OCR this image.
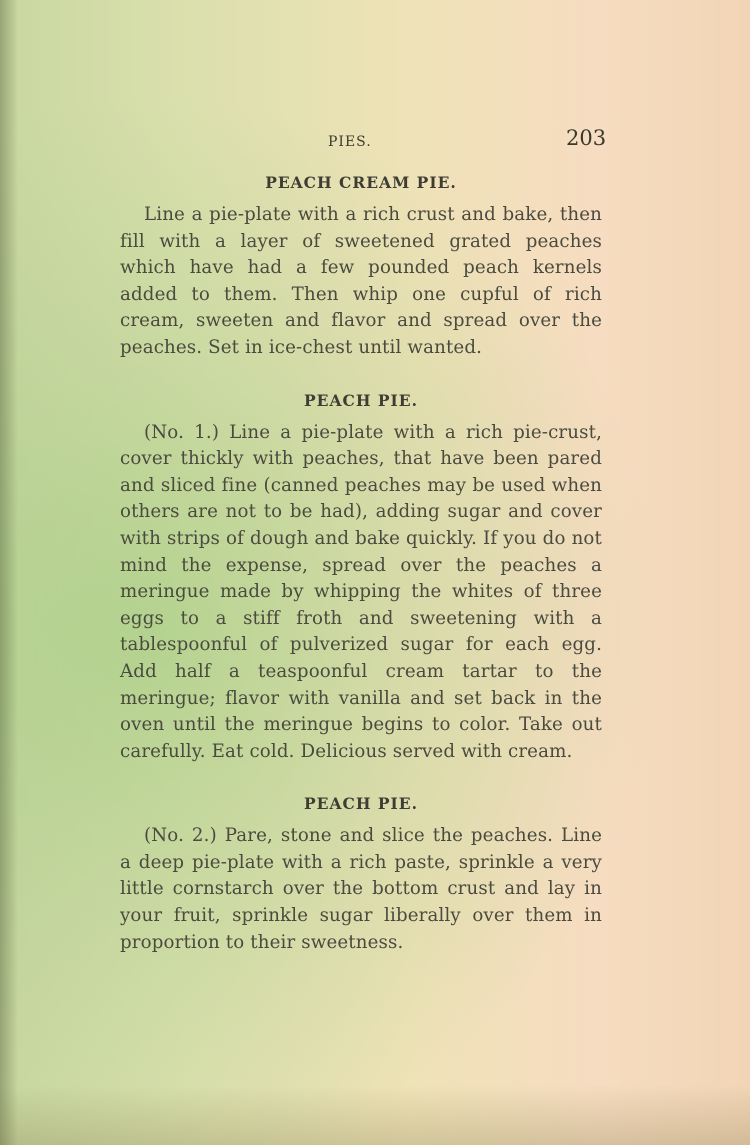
PIES.	203
PEACH CREAM PIE.

Line a pie-plate with a rich crust and bake, then fill with a layer of sweetened grated peaches which have had a few pounded peach kernels added to them. Then whip one cupful of rich cream, sweeten and flavor and spread over the peaches. Set in ice-chest until wanted.

PEACH PIE.

(No. 1.) Line a pie-plate with a rich pie-crust, cover thickly with peaches, that have been pared and sliced fine (canned peaches may be used when others are not to be had), adding sugar and cover with strips of dough and bake quickly. If you do not mind the expense, spread over the peaches a meringue made by whipping the whites of three eggs to a stiff froth and sweetening with a tablespoonful of pulverized sugar for each egg. Add half a teaspoonful cream tartar to the meringue; flavor with vanilla and set back in the oven until the meringue begins to color. Take out carefully. Eat cold. Delicious served with cream.

PEACH PIE.

(No. 2.) Pare, stone and slice the peaches. Line a deep pie-plate with a rich paste, sprinkle a very little cornstarch over the bottom crust and lay in your fruit, sprinkle sugar liberally over them in proportion to their sweetness.
